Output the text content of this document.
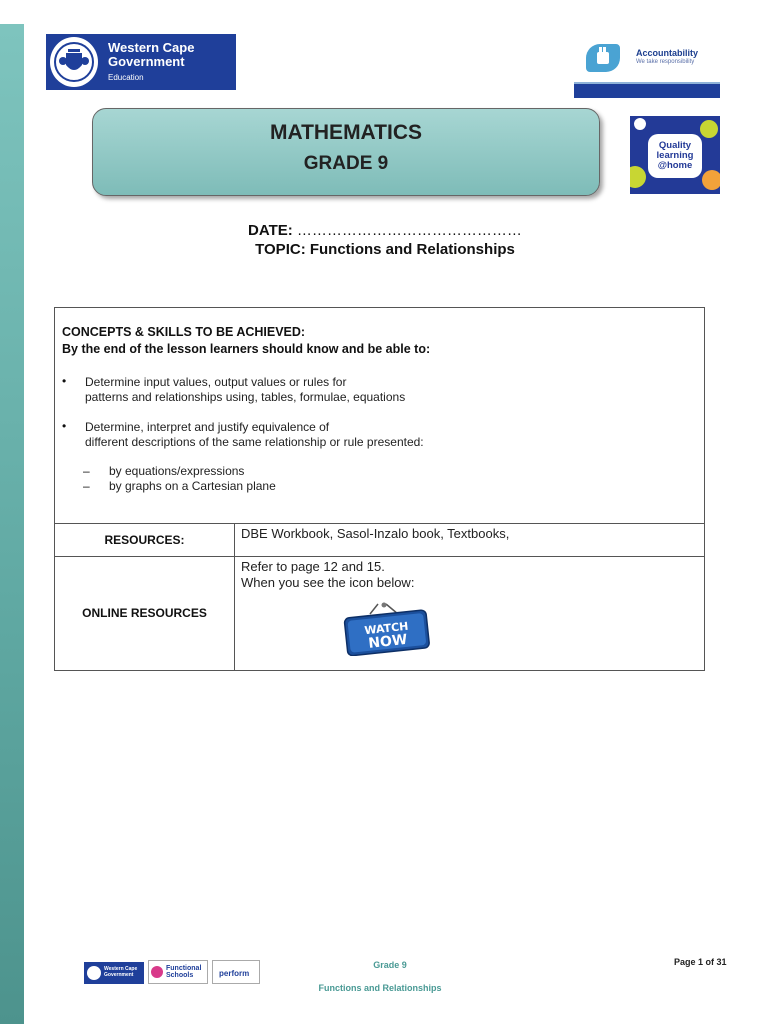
Western Cape
Government
Education
Accountability
We take responsibility
MATHEMATICS
GRADE 9
Quality
learning
@home
DATE: ………………………………………
TOPIC: Functions and Relationships
CONCEPTS & SKILLS TO BE ACHIEVED:
By the end of the lesson learners should know and be able to:
• Determine input values, output values or rules for
patterns and relationships using, tables, formulae, equations
• Determine, interpret and justify equivalence of
different descriptions of the same relationship or rule presented:
– by equations/expressions
– by graphs on a Cartesian plane
RESOURCES:	DBE Workbook, Sasol-Inzalo book, Textbooks,
ONLINE RESOURCES
Refer to page 12 and 15.
When you see the icon below:
WATCH
NOW
Western Cape Government
Functional Schools	perform
Grade 9
Functions and Relationships
Page 1 of 31
